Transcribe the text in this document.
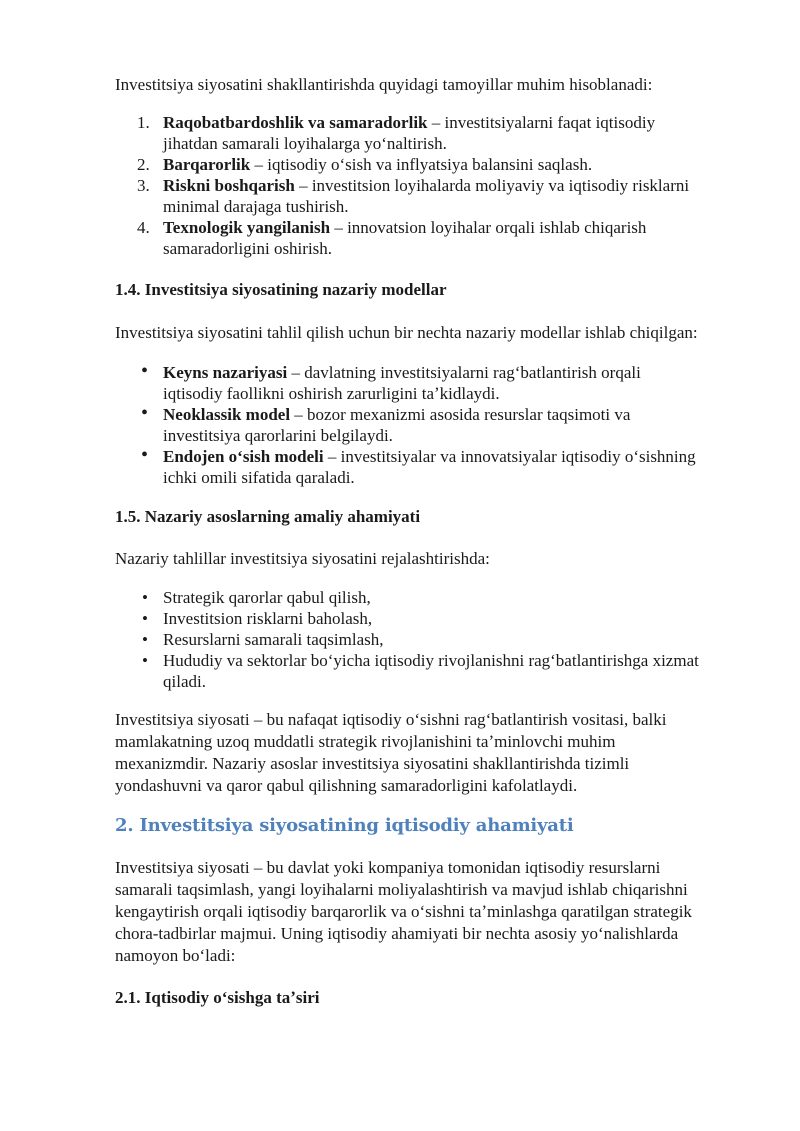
Investitsiya siyosatini shakllantirishda quyidagi tamoyillar muhim hisoblanadi:

1. Raqobatbardoshlik va samaradorlik – investitsiyalarni faqat iqtisodiy jihatdan samarali loyihalarga yoʻnaltirish.
2. Barqarorlik – iqtisodiy oʻsish va inflyatsiya balansini saqlash.
3. Riskni boshqarish – investitsion loyihalarda moliyaviy va iqtisodiy risklarni minimal darajaga tushirish.
4. Texnologik yangilanish – innovatsion loyihalar orqali ishlab chiqarish samaradorligini oshirish.
1.4. Investitsiya siyosatining nazariy modellar

Investitsiya siyosatini tahlil qilish uchun bir nechta nazariy modellar ishlab chiqilgan:

• Keyns nazariyasi – davlatning investitsiyalarni ragʻbatlantirish orqali iqtisodiy faollikni oshirish zarurligini taʼkidlaydi.
• Neoklassik model – bozor mexanizmi asosida resurslar taqsimoti va investitsiya qarorlarini belgilaydi.
• Endojen oʻsish modeli – investitsiyalar va innovatsiyalar iqtisodiy oʻsishning ichki omili sifatida qaraladi.
1.5. Nazariy asoslarning amaliy ahamiyati

Nazariy tahlillar investitsiya siyosatini rejalashtirishda:

• Strategik qarorlar qabul qilish,
• Investitsion risklarni baholash,
• Resurslarni samarali taqsimlash,
• Hududiy va sektorlar boʻyicha iqtisodiy rivojlanishni ragʻbatlantirishga xizmat qiladi.

Investitsiya siyosati – bu nafaqat iqtisodiy oʻsishni ragʻbatlantirish vositasi, balki mamlakatning uzoq muddatli strategik rivojlanishini taʼminlovchi muhim mexanizmdir. Nazariy asoslar investitsiya siyosatini shakllantirishda tizimli yondashuvni va qaror qabul qilishning samaradorligini kafolatlaydi.

2. Investitsiya siyosatining iqtisodiy ahamiyati

Investitsiya siyosati – bu davlat yoki kompaniya tomonidan iqtisodiy resurslarni samarali taqsimlash, yangi loyihalarni moliyalashtirish va mavjud ishlab chiqarishni kengaytirish orqali iqtisodiy barqarorlik va oʻsishni taʼminlashga qaratilgan strategik chora-tadbirlar majmui. Uning iqtisodiy ahamiyati bir nechta asosiy yoʻnalishlarda namoyon boʻladi:

2.1. Iqtisodiy oʻsishga taʼsiri
